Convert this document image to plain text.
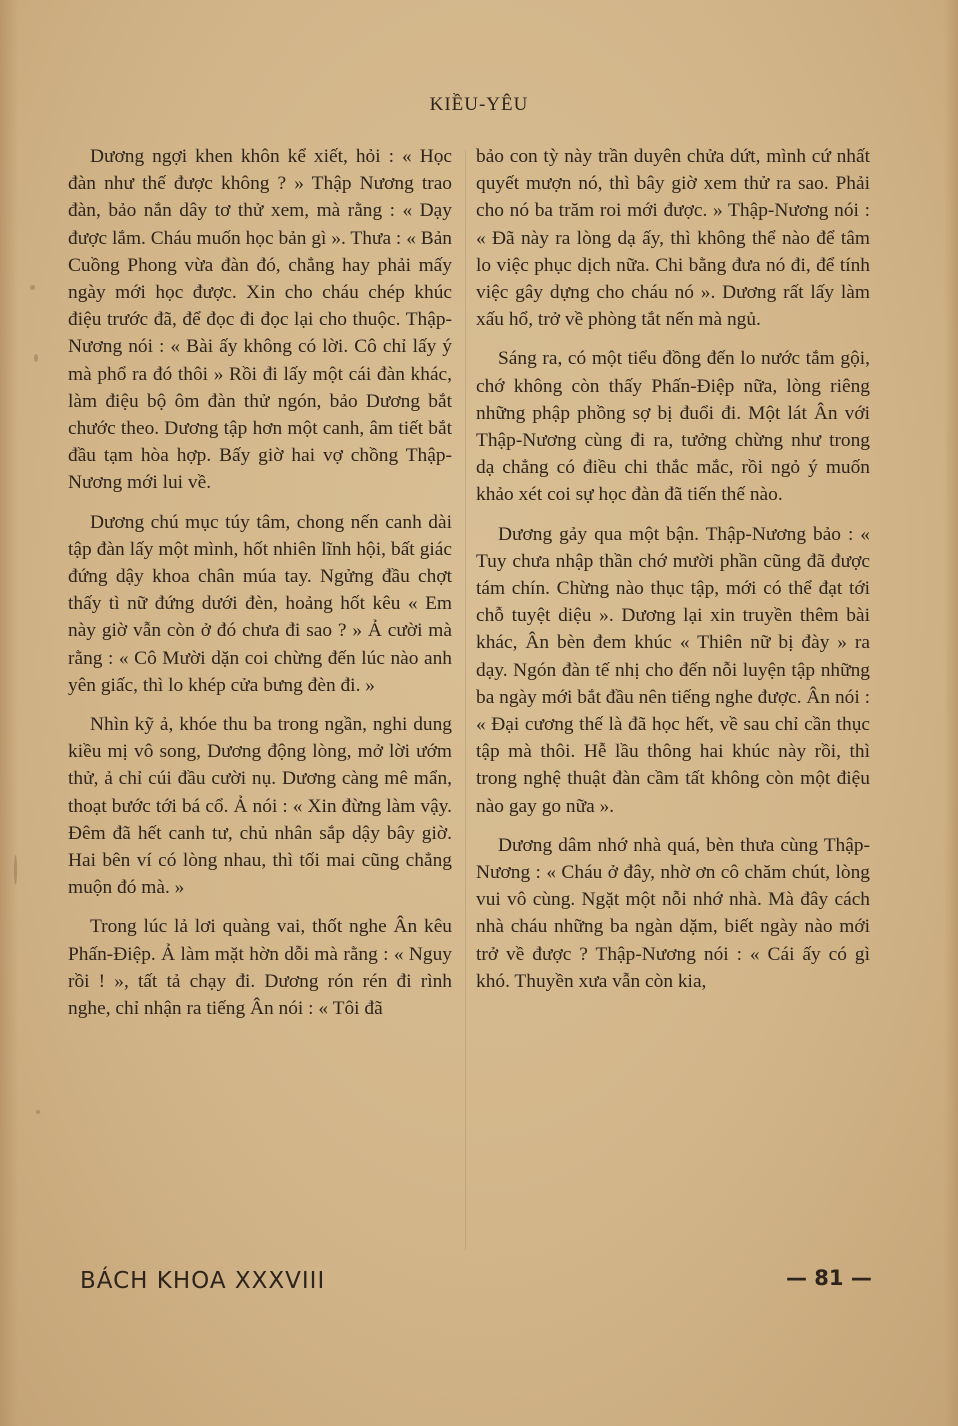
KIỀU-YÊU

Dương ngợi khen khôn kể xiết, hỏi : « Học đàn như thế được không ? » Thập Nương trao đàn, bảo nắn dây tơ thử xem, mà rằng : « Dạy được lắm. Cháu muốn học bản gì ». Thưa : « Bản Cuồng Phong vừa đàn đó, chẳng hay phải mấy ngày mới học được. Xin cho cháu chép khúc điệu trước đã, để đọc đi đọc lại cho thuộc. Thập-Nương nói : « Bài ấy không có lời. Cô chỉ lấy ý mà phổ ra đó thôi » Rồi đi lấy một cái đàn khác, làm điệu bộ ôm đàn thử ngón, bảo Dương bắt chước theo. Dương tập hơn một canh, âm tiết bắt đầu tạm hòa hợp. Bấy giờ hai vợ chồng Thập-Nương mới lui về.

Dương chú mục túy tâm, chong nến canh dài tập đàn lấy một mình, hốt nhiên lĩnh hội, bất giác đứng dậy khoa chân múa tay. Ngửng đầu chợt thấy tì nữ đứng dưới đèn, hoảng hốt kêu « Em này giờ vẫn còn ở đó chưa đi sao ? » Ả cười mà rằng : « Cô Mười dặn coi chừng đến lúc nào anh yên giấc, thì lo khép cửa bưng đèn đi. »

Nhìn kỹ ả, khóe thu ba trong ngần, nghi dung kiều mị vô song, Dương động lòng, mở lời ướm thử, ả chỉ cúi đầu cười nụ. Dương càng mê mẩn, thoạt bước tới bá cổ. Ả nói : « Xin đừng làm vậy. Đêm đã hết canh tư, chủ nhân sắp dậy bây giờ. Hai bên ví có lòng nhau, thì tối mai cũng chẳng muộn đó mà. »

Trong lúc lả lơi quàng vai, thốt nghe Ân kêu Phấn-Điệp. Ả làm mặt hờn dỗi mà rằng : « Nguy rồi ! », tất tả chạy đi. Dương rón rén đi rình nghe, chỉ nhận ra tiếng Ân nói : « Tôi đã

bảo con tỳ này trần duyên chửa dứt, mình cứ nhất quyết mượn nó, thì bây giờ xem thử ra sao. Phải cho nó ba trăm roi mới được. » Thập-Nương nói : « Đã này ra lòng dạ ấy, thì không thể nào để tâm lo việc phục dịch nữa. Chi bằng đưa nó đi, để tính việc gây dựng cho cháu nó ». Dương rất lấy làm xấu hổ, trở về phòng tắt nến mà ngủ.

Sáng ra, có một tiểu đồng đến lo nước tắm gội, chớ không còn thấy Phấn-Điệp nữa, lòng riêng những phập phồng sợ bị đuổi đi. Một lát Ân với Thập-Nương cùng đi ra, tưởng chừng như trong dạ chẳng có điều chi thắc mắc, rồi ngỏ ý muốn khảo xét coi sự học đàn đã tiến thế nào.

Dương gảy qua một bận. Thập-Nương bảo : « Tuy chưa nhập thần chớ mười phần cũng đã được tám chín. Chừng nào thục tập, mới có thể đạt tới chỗ tuyệt diệu ». Dương lại xin truyền thêm bài khác, Ân bèn đem khúc « Thiên nữ bị đày » ra dạy. Ngón đàn tế nhị cho đến nỗi luyện tập những ba ngày mới bắt đầu nên tiếng nghe được. Ân nói : « Đại cương thế là đã học hết, về sau chỉ cần thục tập mà thôi. Hễ lầu thông hai khúc này rồi, thì trong nghệ thuật đàn cầm tất không còn một điệu nào gay go nữa ».

Dương dâm nhớ nhà quá, bèn thưa cùng Thập-Nương : « Cháu ở đây, nhờ ơn cô chăm chút, lòng vui vô cùng. Ngặt một nỗi nhớ nhà. Mà đây cách nhà cháu những ba ngàn dặm, biết ngày nào mới trở về được ? Thập-Nương nói : « Cái ấy có gì khó. Thuyền xưa vẫn còn kia,

BÁCH KHOA XXXVIII	— 81 —
